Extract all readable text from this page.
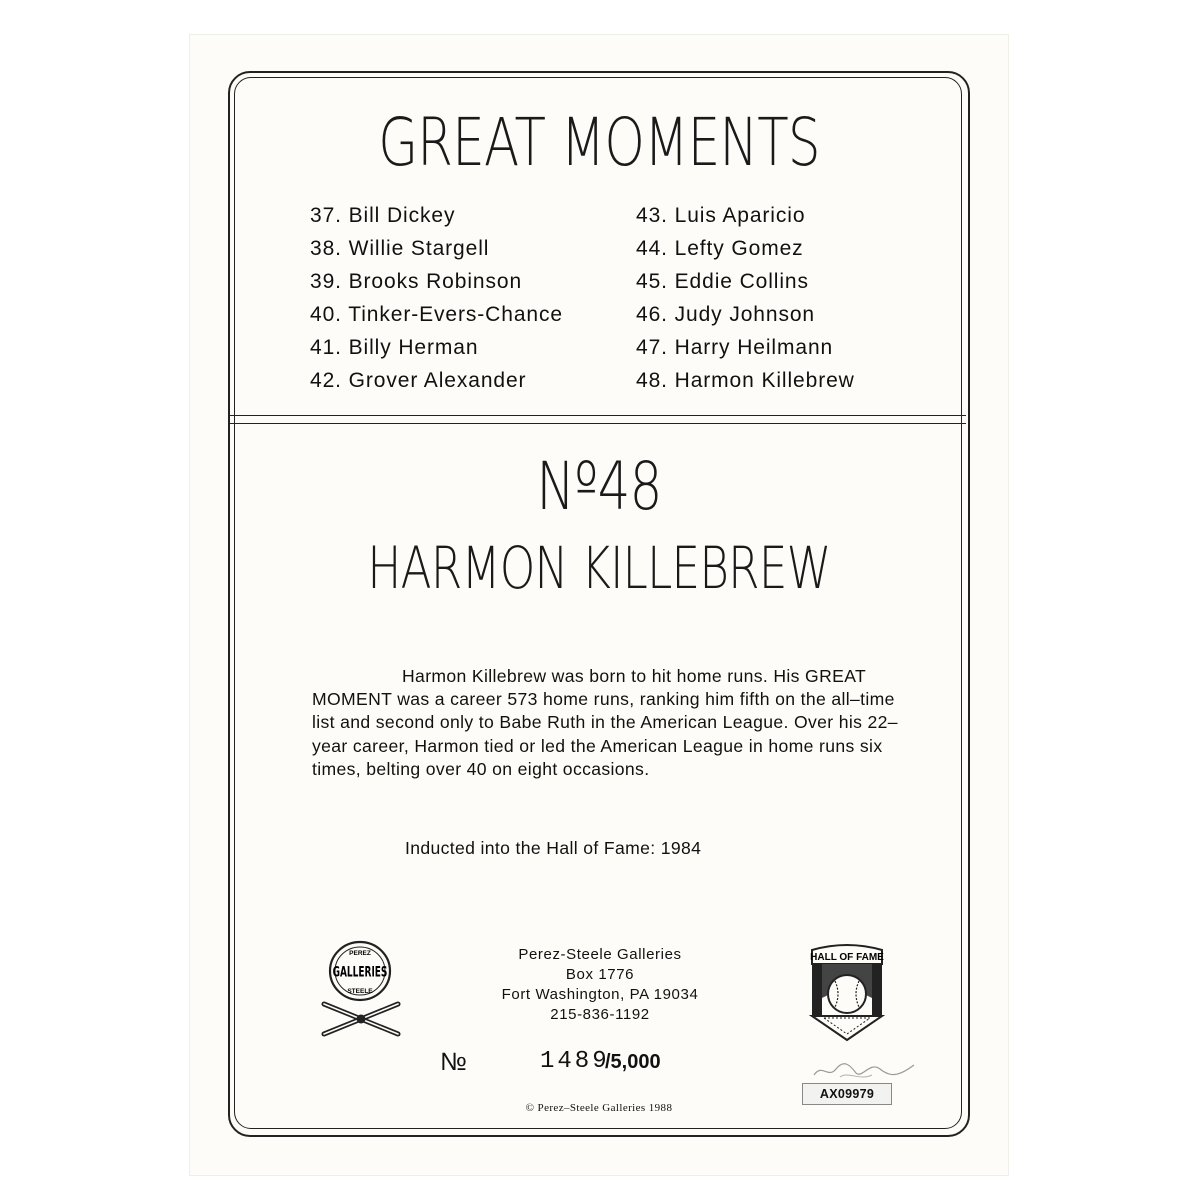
GREAT MOMENTS
37. Bill Dickey
38. Willie Stargell
39. Brooks Robinson
40. Tinker-Evers-Chance
41. Billy Herman
42. Grover Alexander
43. Luis Aparicio
44. Lefty Gomez
45. Eddie Collins
46. Judy Johnson
47. Harry Heilmann
48. Harmon Killebrew
Nº48
HARMON KILLEBREW
Harmon Killebrew was born to hit home runs. His GREAT MOMENT was a career 573 home runs, ranking him fifth on the all–time list and second only to Babe Ruth in the American League. Over his 22–year career, Harmon tied or led the American League in home runs six times, belting over 40 on eight occasions.
Inducted into the Hall of Fame: 1984
PEREZ
GALLERIES
STEELE
Perez-Steele Galleries
Box 1776
Fort Washington, PA 19034
215-836-1192
HALL OF FAME
№	1489
/5,000
AX09979
© Perez–Steele Galleries 1988
